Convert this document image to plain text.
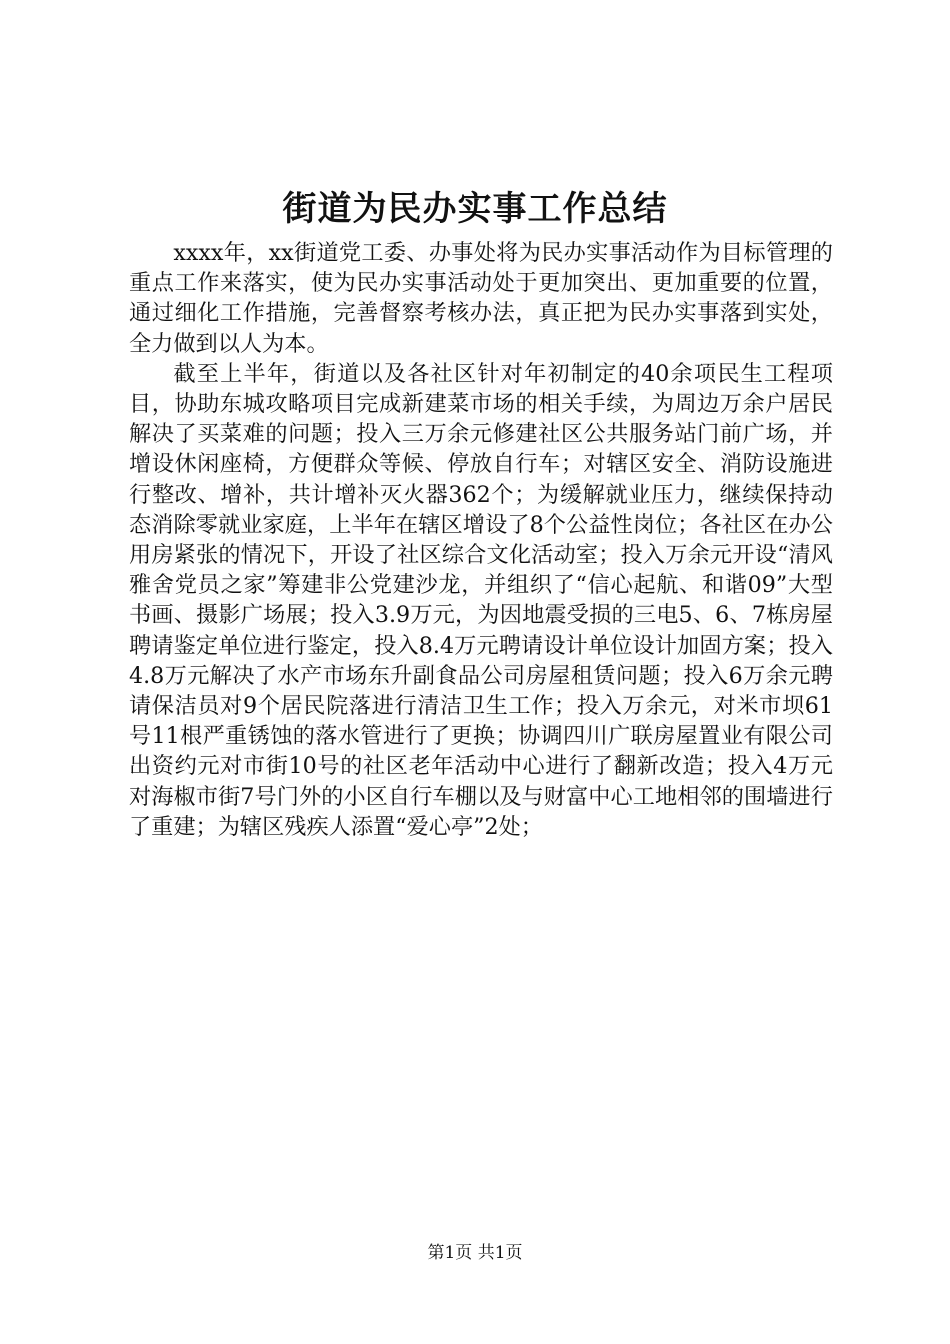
街道为民办实事工作总结

xxxx年，xx街道党工委、办事处将为民办实事活动作为目标管理的重点工作来落实，使为民办实事活动处于更加突出、更加重要的位置，通过细化工作措施，完善督察考核办法，真正把为民办实事落到实处，全力做到以人为本。

截至上半年，街道以及各社区针对年初制定的40余项民生工程项目，协助东城攻略项目完成新建菜市场的相关手续，为周边万余户居民解决了买菜难的问题；投入三万余元修建社区公共服务站门前广场，并增设休闲座椅，方便群众等候、停放自行车；对辖区安全、消防设施进行整改、增补，共计增补灭火器362个；为缓解就业压力，继续保持动态消除零就业家庭，上半年在辖区增设了8个公益性岗位；各社区在办公用房紧张的情况下，开设了社区综合文化活动室；投入万余元开设“清风雅舍党员之家”筹建非公党建沙龙，并组织了“信心起航、和谐09”大型书画、摄影广场展；投入3.9万元，为因地震受损的三电5、6、7栋房屋聘请鉴定单位进行鉴定，投入8.4万元聘请设计单位设计加固方案；投入4.8万元解决了水产市场东升副食品公司房屋租赁问题；投入6万余元聘请保洁员对9个居民院落进行清洁卫生工作；投入万余元，对米市坝61号11根严重锈蚀的落水管进行了更换；协调四川广联房屋置业有限公司出资约元对市街10号的社区老年活动中心进行了翻新改造；投入4万元对海椒市街7号门外的小区自行车棚以及与财富中心工地相邻的围墙进行了重建；为辖区残疾人添置“爱心亭”2处；

第1页 共1页
